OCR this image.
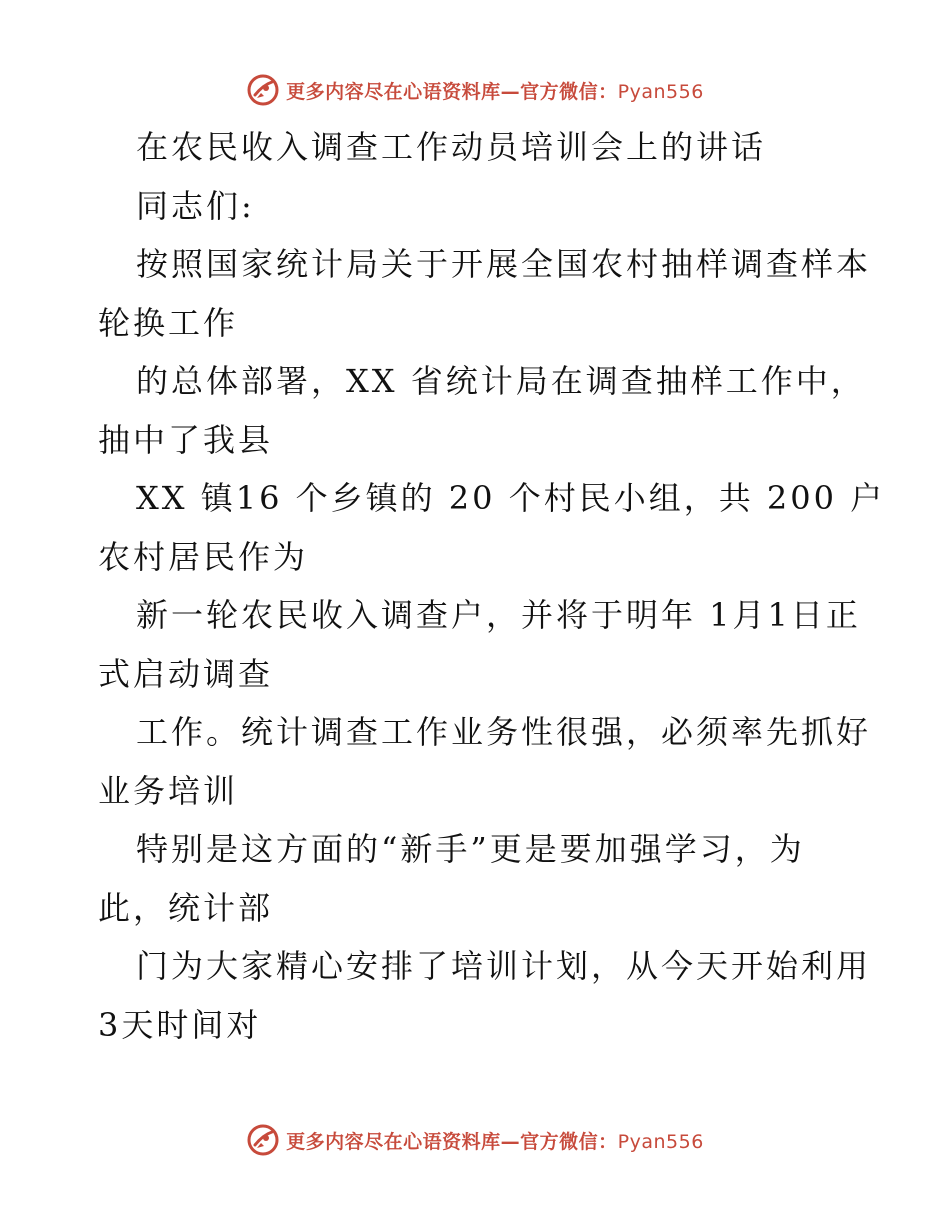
更多内容尽在心语资料库—官方微信：Pyan556
在农民收入调查工作动员培训会上的讲话
同志们:
按照国家统计局关于开展全国农村抽样调查样本
轮换工作
的总体部署，XX 省统计局在调查抽样工作中，
抽中了我县
XX 镇16 个乡镇的 20 个村民小组，共 200 户
农村居民作为
新一轮农民收入调查户，并将于明年 1月1日正
式启动调查
工作。统计调查工作业务性很强，必须率先抓好
业务培训
特别是这方面的“新手”更是要加强学习，为
此，统计部
门为大家精心安排了培训计划，从今天开始利用
3天时间对
更多内容尽在心语资料库—官方微信：Pyan556
